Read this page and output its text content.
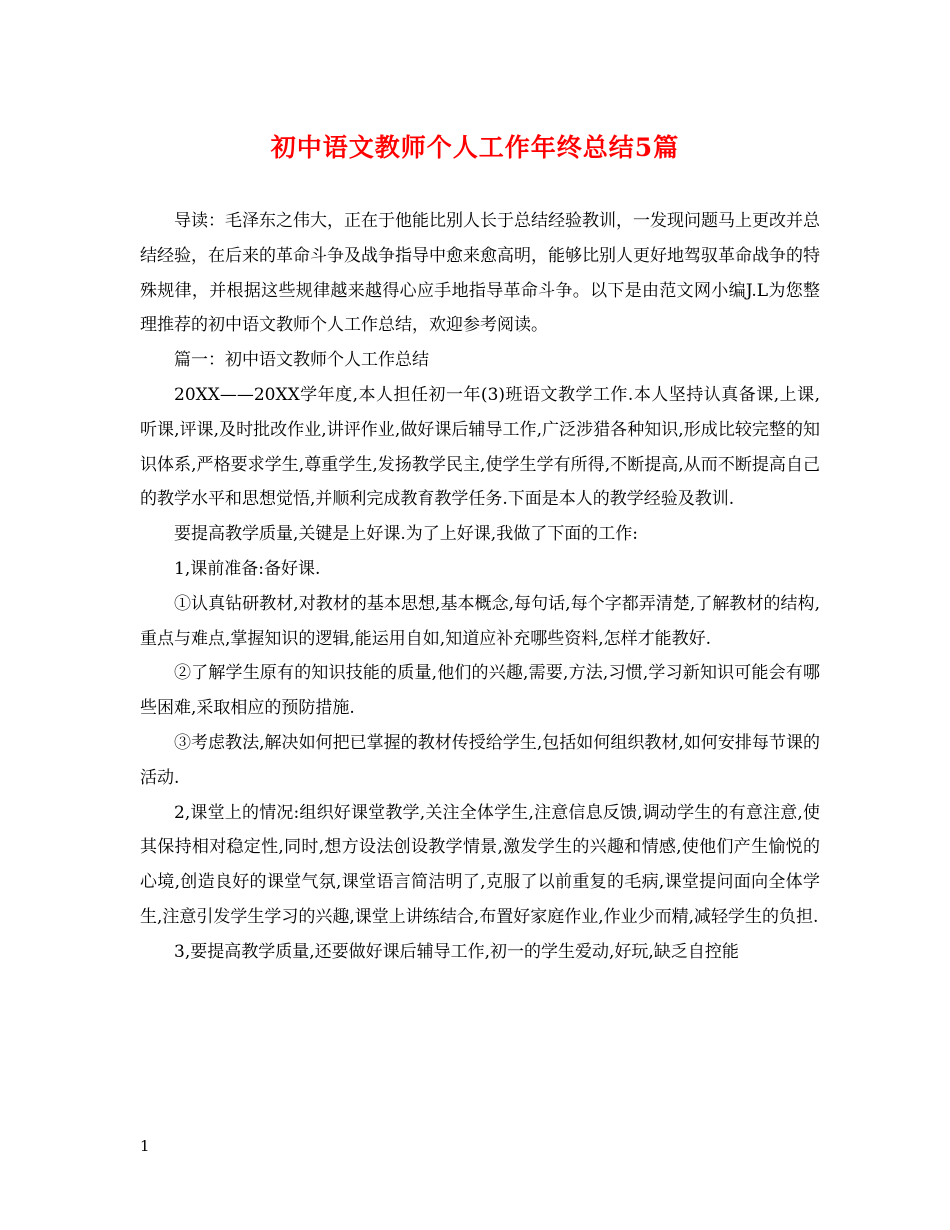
初中语文教师个人工作年终总结5篇

导读：毛泽东之伟大，正在于他能比别人长于总结经验教训，一发现问题马上更改并总结经验，在后来的革命斗争及战争指导中愈来愈高明，能够比别人更好地驾驭革命战争的特殊规律，并根据这些规律越来越得心应手地指导革命斗争。以下是由范文网小编J.L为您整理推荐的初中语文教师个人工作总结，欢迎参考阅读。

篇一：初中语文教师个人工作总结

20XX——20XX学年度,本人担任初一年(3)班语文教学工作.本人坚持认真备课,上课,听课,评课,及时批改作业,讲评作业,做好课后辅导工作,广泛涉猎各种知识,形成比较完整的知识体系,严格要求学生,尊重学生,发扬教学民主,使学生学有所得,不断提高,从而不断提高自己的教学水平和思想觉悟,并顺利完成教育教学任务.下面是本人的教学经验及教训.

要提高教学质量,关键是上好课.为了上好课,我做了下面的工作:

1,课前准备:备好课.

①认真钻研教材,对教材的基本思想,基本概念,每句话,每个字都弄清楚,了解教材的结构,重点与难点,掌握知识的逻辑,能运用自如,知道应补充哪些资料,怎样才能教好.

②了解学生原有的知识技能的质量,他们的兴趣,需要,方法,习惯,学习新知识可能会有哪些困难,采取相应的预防措施.

③考虑教法,解决如何把已掌握的教材传授给学生,包括如何组织教材,如何安排每节课的活动.

2,课堂上的情况:组织好课堂教学,关注全体学生,注意信息反馈,调动学生的有意注意,使其保持相对稳定性,同时,想方设法创设教学情景,激发学生的兴趣和情感,使他们产生愉悦的心境,创造良好的课堂气氛,课堂语言简洁明了,克服了以前重复的毛病,课堂提问面向全体学生,注意引发学生学习的兴趣,课堂上讲练结合,布置好家庭作业,作业少而精,减轻学生的负担.

3,要提高教学质量,还要做好课后辅导工作,初一的学生爱动,好玩,缺乏自控能

1
